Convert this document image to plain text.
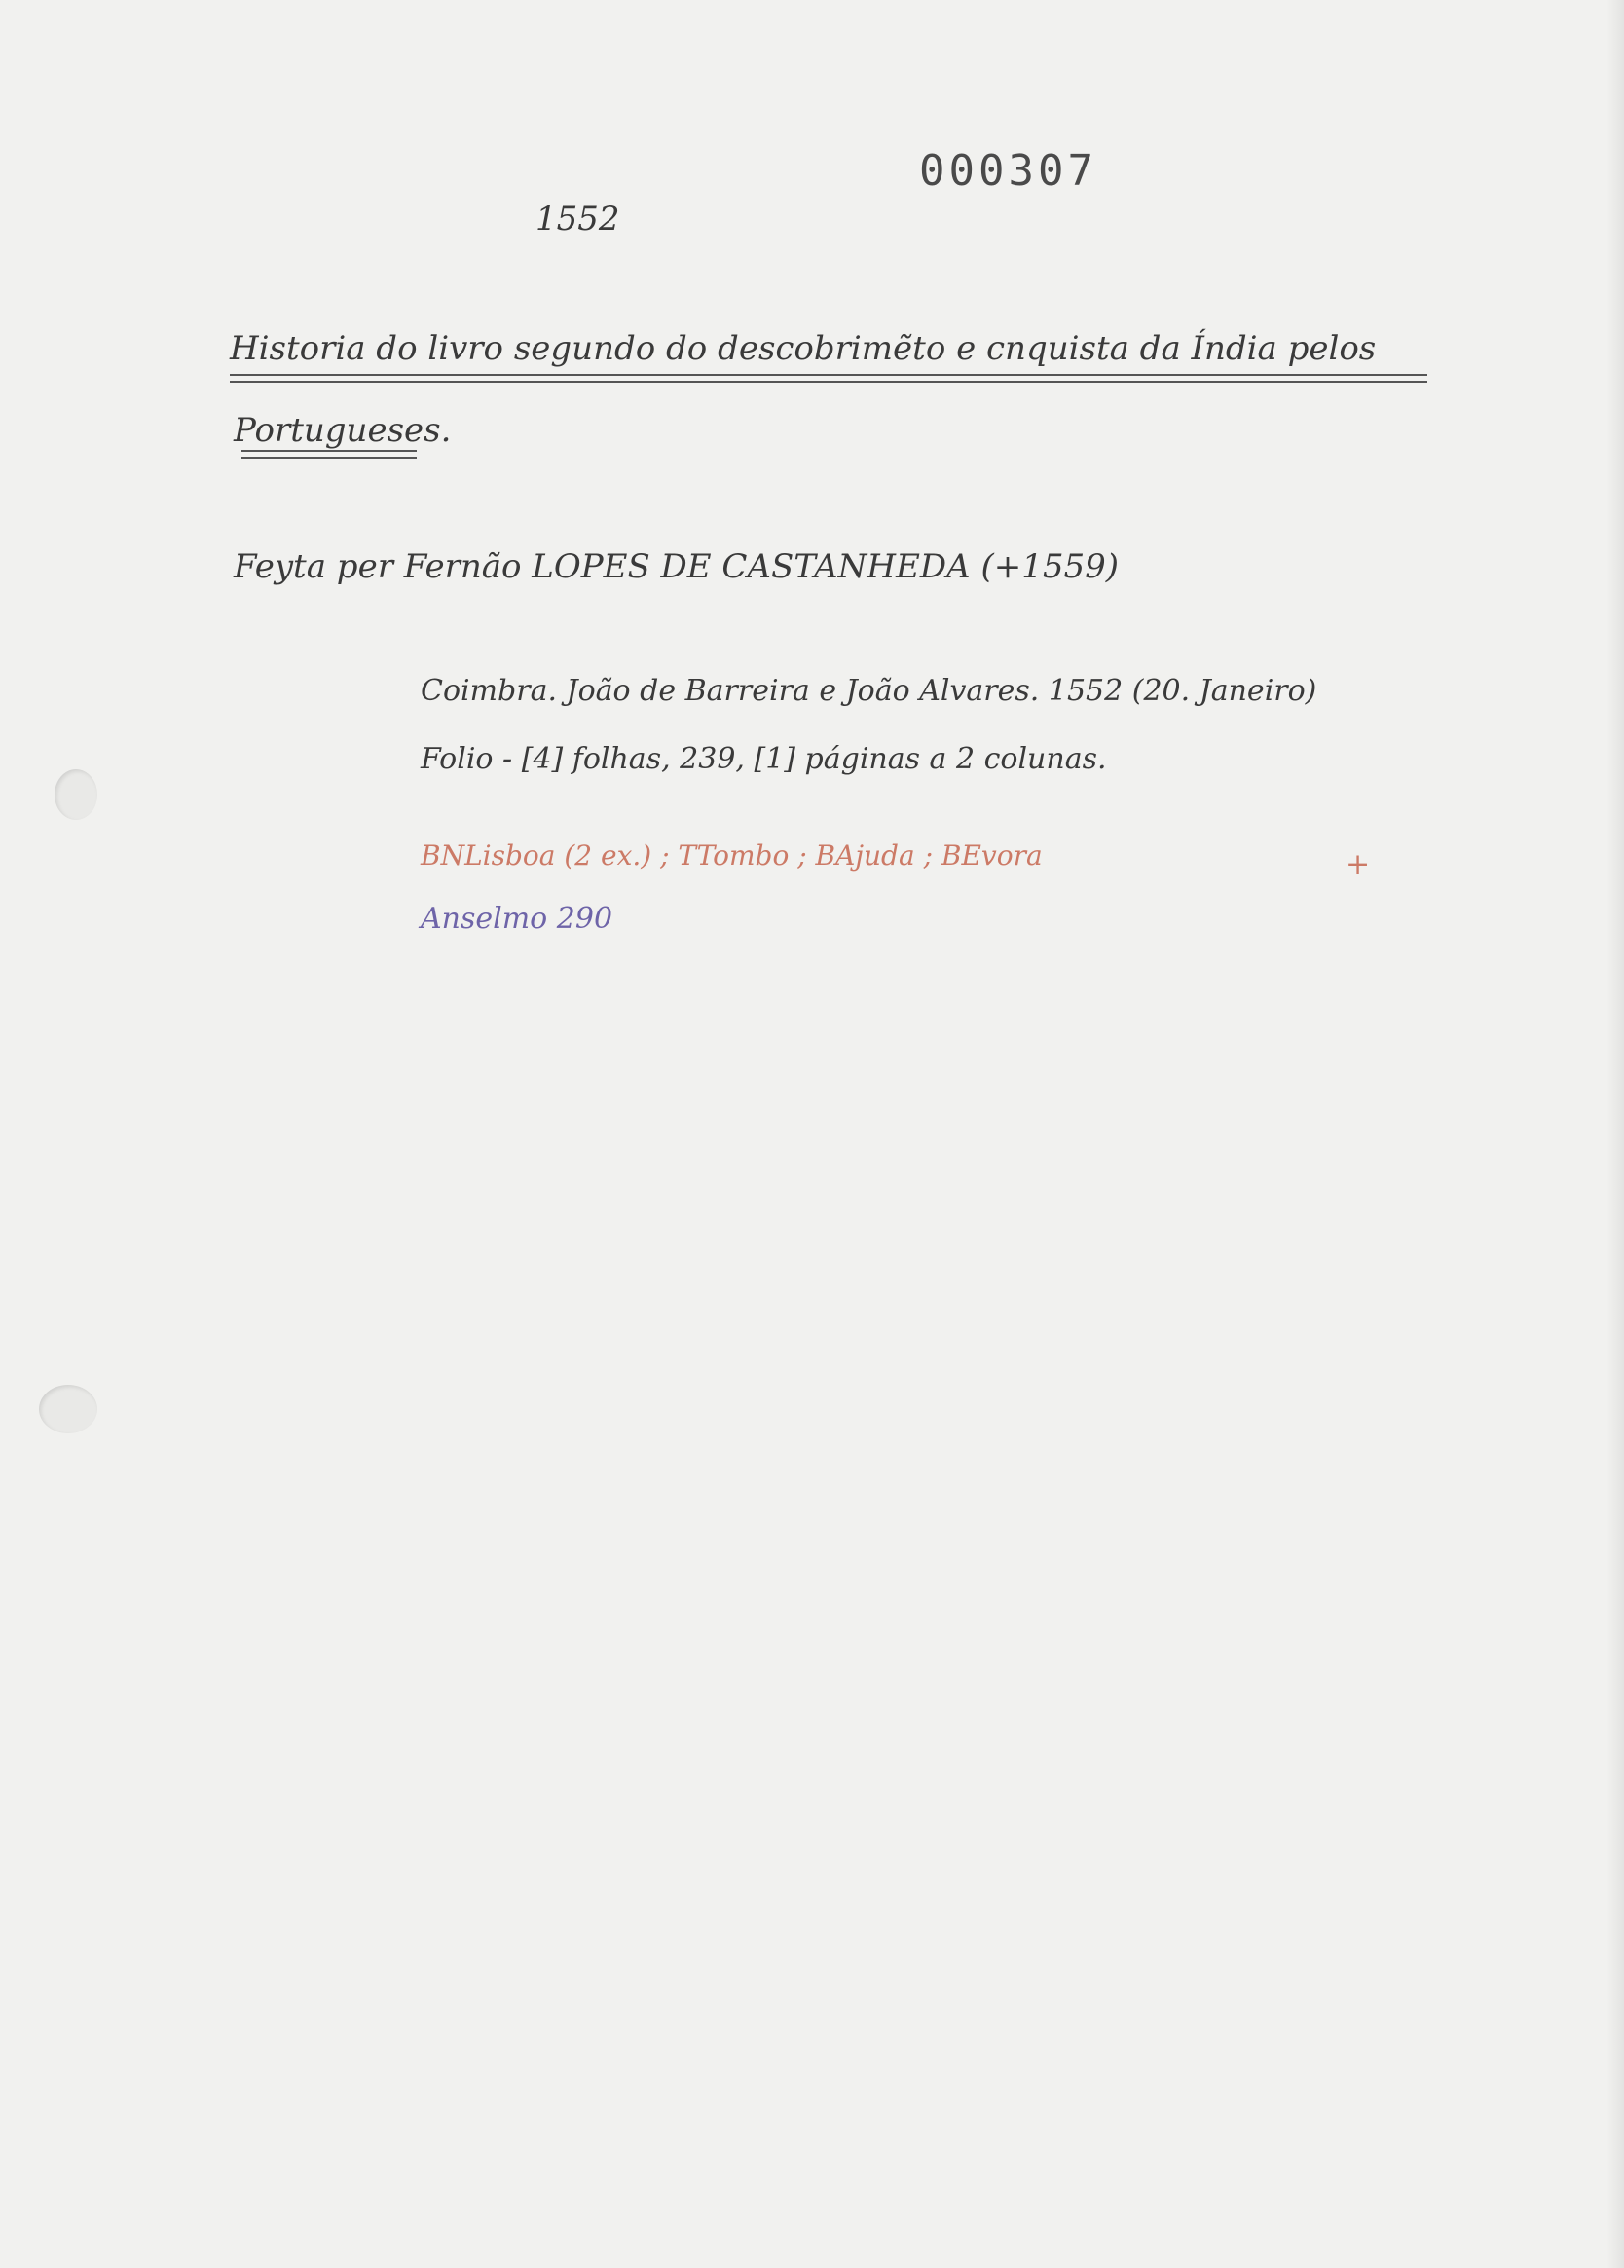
000307
1552
Historia do livro segundo do descobrimẽto e cnquista da Índia pelos
Portugueses.
Feyta per Fernão LOPES DE CASTANHEDA (+1559)
Coimbra. João de Barreira e João Alvares. 1552 (20. Janeiro)
Folio - [4] folhas, 239, [1] páginas a 2 colunas.
BNLisboa (2 ex.) ; TTombo ; BAjuda ; BEvora	+
Anselmo 290
